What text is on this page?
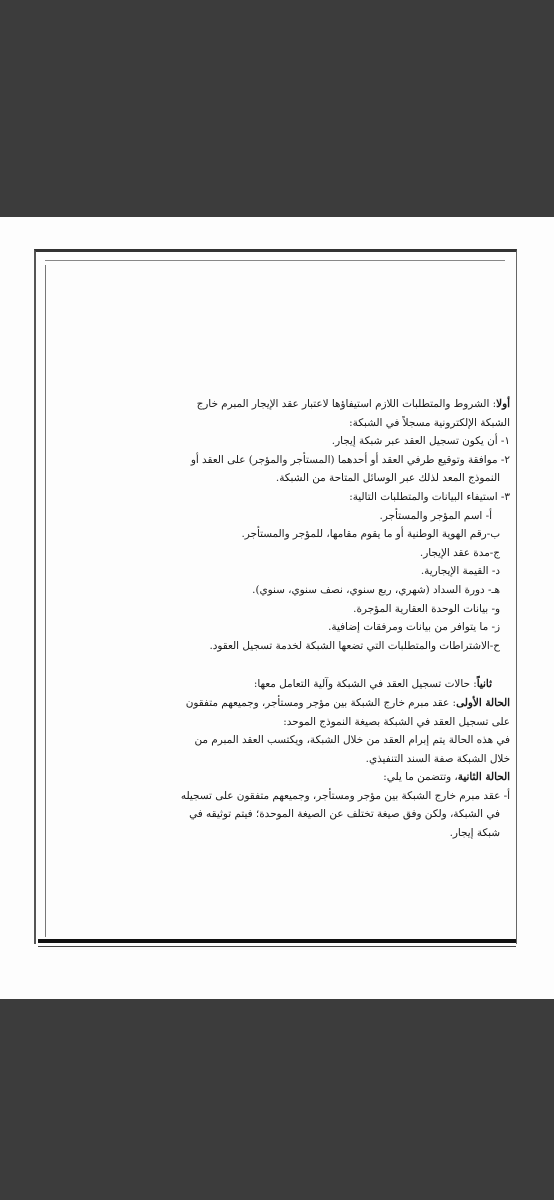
أولا: الشروط والمتطلبات اللازم استيفاؤها لاعتبار عقد الإيجار المبرم خارج
الشبكة الإلكترونية مسجلاً في الشبكة:
١- أن يكون تسجيل العقد عبر شبكة إيجار.
٢- موافقة وتوقيع طرفي العقد أو أحدهما (المستأجر والمؤجر) على العقد أو
النموذج المعد لذلك عبر الوسائل المتاحة من الشبكة.
٣- استيفاء البيانات والمتطلبات التالية:
أ- اسم المؤجر والمستأجر.
ب-رقم الهوية الوطنية أو ما يقوم مقامها، للمؤجر والمستأجر.
ج-مدة عقد الإيجار.
د- القيمة الإيجارية.
هـ- دورة السداد (شهري، ربع سنوي، نصف سنوي، سنوي).
و- بيانات الوحدة العقارية المؤجرة.
ز- ما يتوافر من بيانات ومرفقات إضافية.
ح-الاشتراطات والمتطلبات التي تضعها الشبكة لخدمة تسجيل العقود.
ثانياً: حالات تسجيل العقد في الشبكة وآلية التعامل معها:
الحالة الأولى: عقد مبرم خارج الشبكة بين مؤجر ومستأجر، وجميعهم متفقون
على تسجيل العقد في الشبكة بصيغة النموذج الموحد:
في هذه الحالة يتم إبرام العقد من خلال الشبكة، ويكتسب العقد المبرم من
خلال الشبكة صفة السند التنفيذي.
الحالة الثانية، وتتضمن ما يلي:
أ- عقد مبرم خارج الشبكة بين مؤجر ومستأجر، وجميعهم متفقون على تسجيله
في الشبكة، ولكن وفق صيغة تختلف عن الصيغة الموحدة؛ فيتم توثيقه في
شبكة إيجار.
